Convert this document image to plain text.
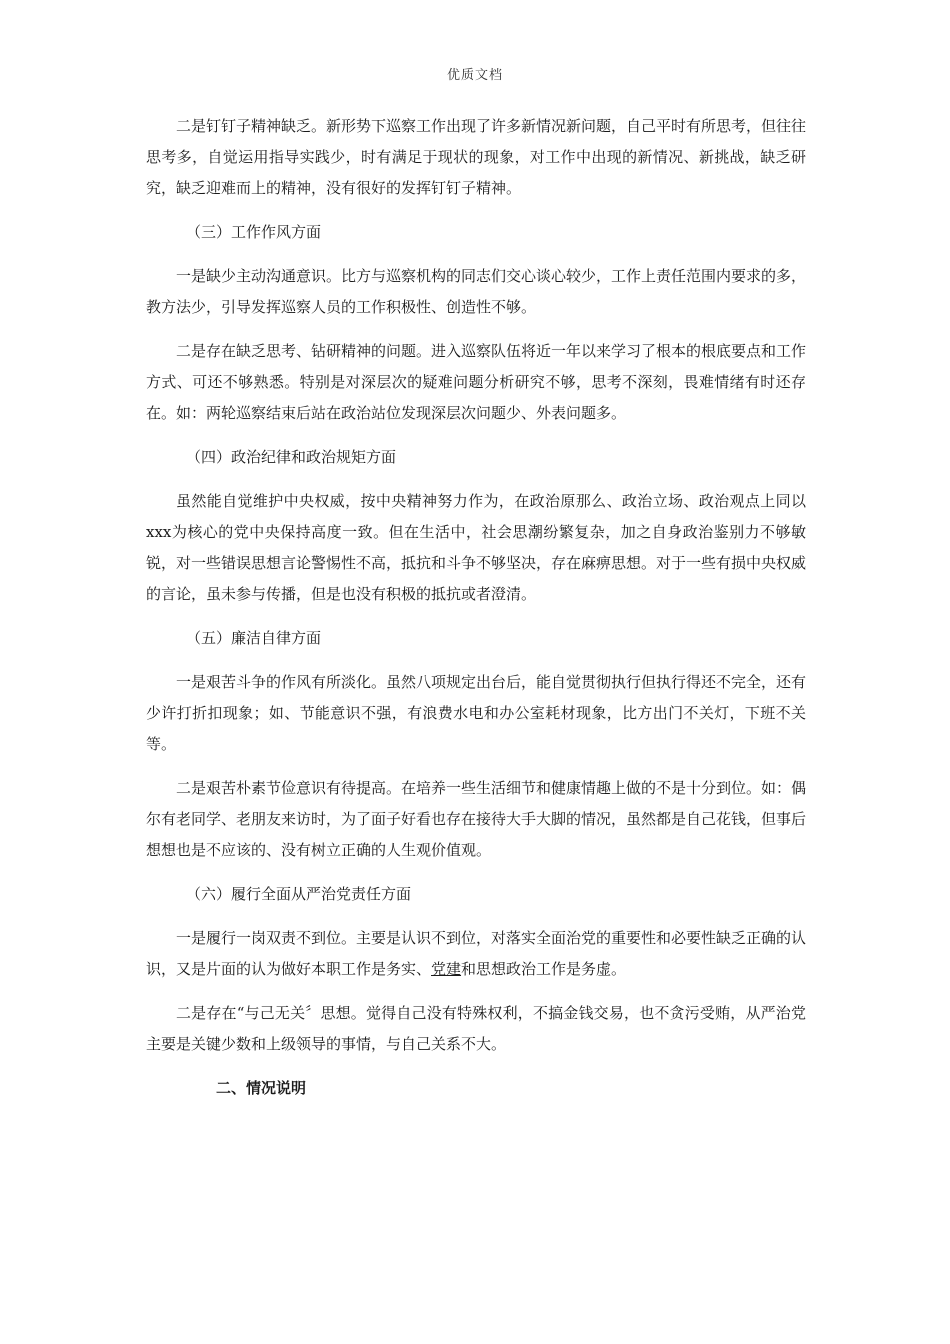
优质文档

二是钉钉子精神缺乏。新形势下巡察工作出现了许多新情况新问题，自己平时有所思考，但往往思考多，自觉运用指导实践少，时有满足于现状的现象，对工作中出现的新情况、新挑战，缺乏研究，缺乏迎难而上的精神，没有很好的发挥钉钉子精神。

（三）工作作风方面

一是缺少主动沟通意识。比方与巡察机构的同志们交心谈心较少，工作上责任范围内要求的多，教方法少，引导发挥巡察人员的工作积极性、创造性不够。

二是存在缺乏思考、钻研精神的问题。进入巡察队伍将近一年以来学习了根本的根底要点和工作方式、可还不够熟悉。特别是对深层次的疑难问题分析研究不够，思考不深刻，畏难情绪有时还存在。如：两轮巡察结束后站在政治站位发现深层次问题少、外表问题多。

（四）政治纪律和政治规矩方面

虽然能自觉维护中央权威，按中央精神努力作为，在政治原那么、政治立场、政治观点上同以xxx为核心的党中央保持高度一致。但在生活中，社会思潮纷繁复杂，加之自身政治鉴别力不够敏锐，对一些错误思想言论警惕性不高，抵抗和斗争不够坚决，存在麻痹思想。对于一些有损中央权威的言论，虽未参与传播，但是也没有积极的抵抗或者澄清。

（五）廉洁自律方面

一是艰苦斗争的作风有所淡化。虽然八项规定出台后，能自觉贯彻执行但执行得还不完全，还有少许打折扣现象；如、节能意识不强，有浪费水电和办公室耗材现象，比方出门不关灯，下班不关等。

二是艰苦朴素节俭意识有待提高。在培养一些生活细节和健康情趣上做的不是十分到位。如：偶尔有老同学、老朋友来访时，为了面子好看也存在接待大手大脚的情况，虽然都是自己花钱，但事后想想也是不应该的、没有树立正确的人生观价值观。

（六）履行全面从严治党责任方面

一是履行一岗双责不到位。主要是认识不到位，对落实全面治党的重要性和必要性缺乏正确的认识，又是片面的认为做好本职工作是务实、党建和思想政治工作是务虚。

二是存在“与己无关〞思想。觉得自己没有特殊权利，不搞金钱交易，也不贪污受贿，从严治党主要是关键少数和上级领导的事情，与自己关系不大。

二、情况说明
